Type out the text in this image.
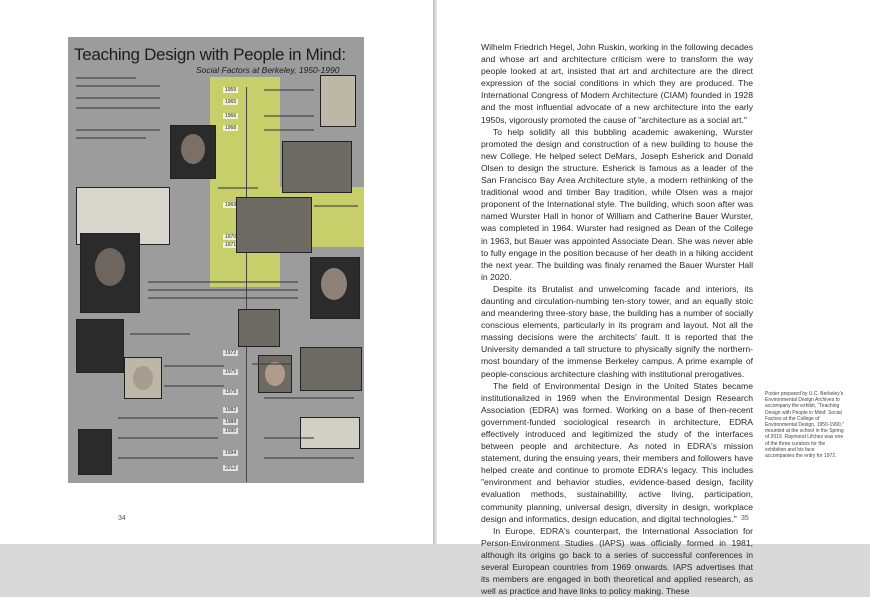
Teaching Design with People in Mind:
Social Factors at Berkeley, 1950-1990
1959
1965
1966
1968
1969
1970
1971
1972
1975
1978
1982
1988
1990
1994
2012
34	35

Wilhelm Friedrich Hegel, John Ruskin, working in the following decades and whose art and architecture criticism were to transform the way people looked at art, insisted that art and architecture are the direct expression of the social conditions in which they are produced. The International Congress of Modern Architecture (CIAM) founded in 1928 and the most influential advocate of a new architecture into the early 1950s, vigorously promoted the cause of "architecture as a social art."

To help solidify all this bubbling academic awakening, Wurster promoted the design and construction of a new building to house the new College. He helped select DeMars, Joseph Esherick and Donald Olsen to design the structure. Esherick is famous as a leader of the San Francisco Bay Area Architecture style, a modern rethinking of the traditional wood and timber Bay tradition, while Olsen was a major proponent of the International style. The building, which soon after was named Wurster Hall in honor of William and Catherine Bauer Wurster, was completed in 1964. Wurster had resigned as Dean of the College in 1963, but Bauer was appointed Associate Dean. She was never able to fully engage in the position because of her death in a hiking accident the next year. The building was finaly renamed the Bauer Wurster Hall in 2020.

Despite its Brutalist and unwelcoming facade and interiors, its daunting and circulation-numbing ten-story tower, and an equally stoic and meandering three-story base, the building has a number of socially conscious elements, particularly in its program and layout. Not all the massing decisions were the architects' fault. It is reported that the University demanded a tall structure to physically signify the northern-most boundary of the immense Berkeley campus. A prime example of people-conscious architecture clashing with institutional prerogatives.

The field of Environmental Design in the United States became institutionalized in 1969 when the Environmental Design Research Association (EDRA) was formed. Working on a base of then-recent government-funded sociological research in architecture, EDRA effectively introduced and legitimized the study of the interfaces between people and architecture. As noted in EDRA's mission statement, during the ensuing years, their members and followers have helped create and continue to promote EDRA's legacy. This includes "environment and behavior studies, evidence-based design, facility evaluation methods, sustainability, active living, participation, community planning, universal design, diversity in design, workplace design and informatics, design education, and digital technologies."

In Europe, EDRA's counterpart, the International Association for Person-Environment Studies (IAPS) was officially formed in 1981, although its origins go back to a series of successful conferences in several European countries from 1969 onwards. IAPS advertises that its members are engaged in both theoretical and applied research, as well as practice and have links to policy making. These

Poster prepared by U.C. Berkeley's Environmental Design Archives to accompany the exhibit, "Teaching Design with People in Mind: Social Factors at the College of Environmental Design, 1950-1990," mounted at the school in the Spring of 2019. Raymond Lifchez was one of the three curators for the exhibition and his face accompanies the entry for 1972.
